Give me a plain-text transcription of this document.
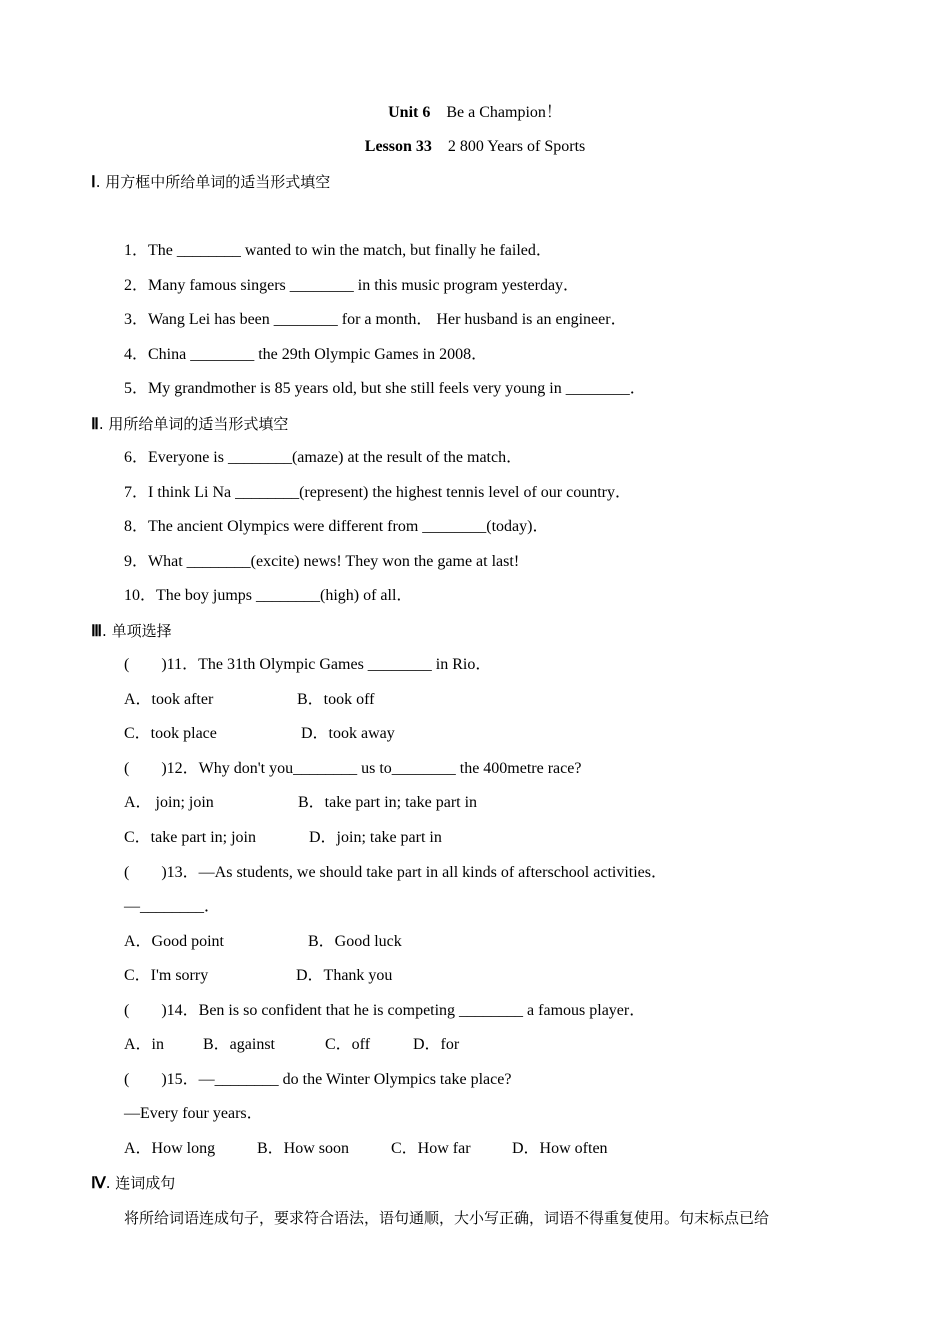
Unit 6 Be a Champion！
Lesson 33 2 800 Years of Sports
Ⅰ. 用方框中所给单词的适当形式填空
1．The ________ wanted to win the match, but finally he failed．
2．Many famous singers ________ in this music program yesterday．
3．Wang Lei has been ________ for a month． Her husband is an engineer．
4．China ________ the 29th Olympic Games in 2008．
5．My grandmother is 85 years old, but she still feels very young in ________．
Ⅱ. 用所给单词的适当形式填空
6．Everyone is ________(amaze) at the result of the match．
7．I think Li Na ________(represent) the highest tennis level of our country．
8．The ancient Olympics were different from ________(today)．
9．What ________(excite) news! They won the game at last!
10．The boy jumps ________(high) of all．
Ⅲ. 单项选择
(　　)11．The 31th Olympic Games ________ in Rio．
A．took after	B．took off
C．took place	D．took away
(　　)12．Why don't you________ us to________ the 400metre race?
A． join; join	B．take part in; take part in
C．take part in; join	D．join; take part in
(　　)13．—As students, we should take part in all kinds of afterschool activities．
—________．
A．Good point	B．Good luck
C．I'm sorry	D．Thank you
(　　)14．Ben is so confident that he is competing ________ a famous player．
A．in B．against	C．off	D．for
(　　)15．—________ do the Winter Olympics take place?
—Every four years．
A．How long	B．How soon	C．How far	D．How often
Ⅳ. 连词成句
将所给词语连成句子，要求符合语法，语句通顺，大小写正确，词语不得重复使用。句末标点已给
